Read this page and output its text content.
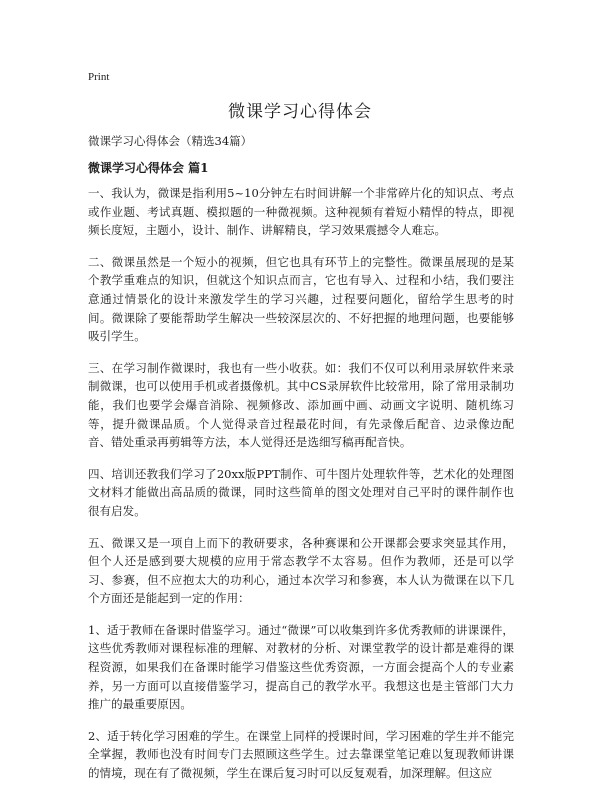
Print
微课学习心得体会

微课学习心得体会（精选34篇）

微课学习心得体会 篇1

一、我认为，微课是指利用5~10分钟左右时间讲解一个非常碎片化的知识点、考点或作业题、考试真题、模拟题的一种微视频。这种视频有着短小精悍的特点，即视频长度短，主题小，设计、制作、讲解精良，学习效果震撼令人难忘。

二、微课虽然是一个短小的视频，但它也具有环节上的完整性。微课虽展现的是某个教学重难点的知识，但就这个知识点而言，它也有导入、过程和小结，我们要注意通过情景化的设计来激发学生的学习兴趣，过程要问题化，留给学生思考的时间。微课除了要能帮助学生解决一些较深层次的、不好把握的地理问题，也要能够吸引学生。

三、在学习制作微课时，我也有一些小收获。如：我们不仅可以利用录屏软件来录制微课，也可以使用手机或者摄像机。其中CS录屏软件比较常用，除了常用录制功能，我们也要学会爆音消除、视频修改、添加画中画、动画文字说明、随机练习等，提升微课品质。个人觉得录音过程最花时间，有先录像后配音、边录像边配音、错处重录再剪辑等方法，本人觉得还是选细写稿再配音快。

四、培训还教我们学习了20xx版PPT制作、可牛图片处理软件等，艺术化的处理图文材料才能做出高品质的微课，同时这些简单的图文处理对自己平时的课件制作也很有启发。

五、微课又是一项自上而下的教研要求，各种赛课和公开课都会要求突显其作用，但个人还是感到要大规模的应用于常态教学不太容易。但作为教师，还是可以学习、参赛，但不应抱太大的功利心，通过本次学习和参赛，本人认为微课在以下几个方面还是能起到一定的作用：

1、适于教师在备课时借鉴学习。通过“微课”可以收集到许多优秀教师的讲课课件，这些优秀教师对课程标准的理解、对教材的分析、对课堂教学的设计都是难得的课程资源，如果我们在备课时能学习借鉴这些优秀资源，一方面会提高个人的专业素养，另一方面可以直接借鉴学习，提高自己的教学水平。我想这也是主管部门大力推广的最重要原因。

2、适于转化学习困难的学生。在课堂上同样的授课时间，学习困难的学生并不能完全掌握，教师也没有时间专门去照顾这些学生。过去靠课堂笔记难以复现教师讲课的情境，现在有了微视频，学生在课后复习时可以反复观看，加深理解。但这应
